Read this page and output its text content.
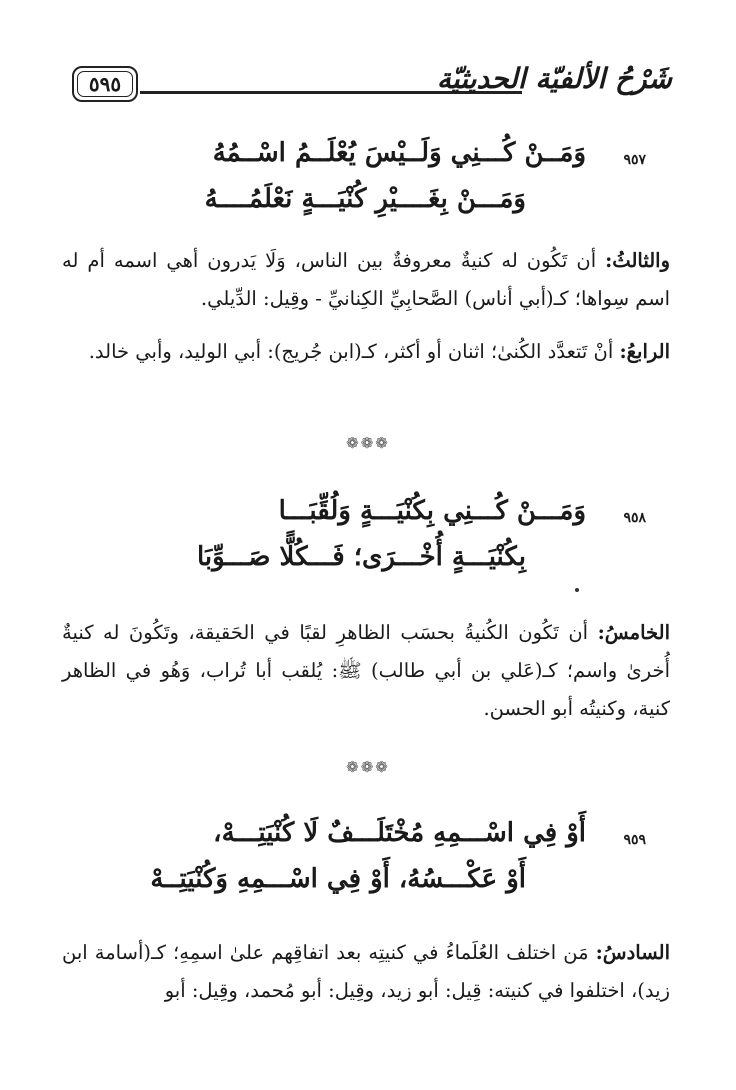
٥٩٥	شَرْحُ الألفيّة الحديثيّة
٩٥٧
وَمَــنْ كُـــنِي وَلَــيْسَ يُعْلَــمُ اسْــمُهُ
وَمَـــنْ بِغَــــيْرِ كُنْيَـــةٍ نَعْلَمُــــهُ
والثالثُ: أن تَكُون له كنيةٌ معروفةٌ بين الناس، وَلَا يَدرون أهي اسمه أم له اسم سِواها؛ كـ(أبي أناس) الصَّحابِيِّ الكِنانيِّ - وقِيل: الدِّيلي.
الرابعُ: أنْ تَتعدَّد الكُنىٰ؛ اثنان أو أكثر، كـ(ابن جُريج): أبي الوليد، وأبي خالد.
❁❁❁
٩٥٨
وَمَـــنْ كُـــنِي بِكُنْيَـــةٍ وَلُقِّبَـــا
بِكُنْيَـــةٍ أُخْـــرَى؛ فَـــكُلًّا صَـــوِّبَا
الخامسُ: أن تَكُون الكُنيةُ بحسَب الظاهرِ لقبًا في الحَقيقة، وتَكُونَ له كنيةٌ أُخرىٰ واسم؛ كـ(عَلي بن أبي طالب) ﷺ: يُلقب أبا تُراب، وَهُو في الظاهر كنية، وكنيتُه أبو الحسن.
❁❁❁
٩٥٩
أَوْ فِي اسْـــمِهِ مُخْتَلَـــفٌ لَا كُنْيَتِـــهْ،
أَوْ عَكْـــسُهُ، أَوْ فِي اسْـــمِهِ وَكُنْيَتِــهْ
السادسُ: مَن اختلف العُلَماءُ في كنيتِه بعد اتفاقِهم علىٰ اسمِهِ؛ كـ(أسامة ابن زيد)، اختلفوا في كنيته: قِيل: أبو زيد، وقِيل: أبو مُحمد، وقِيل: أبو
